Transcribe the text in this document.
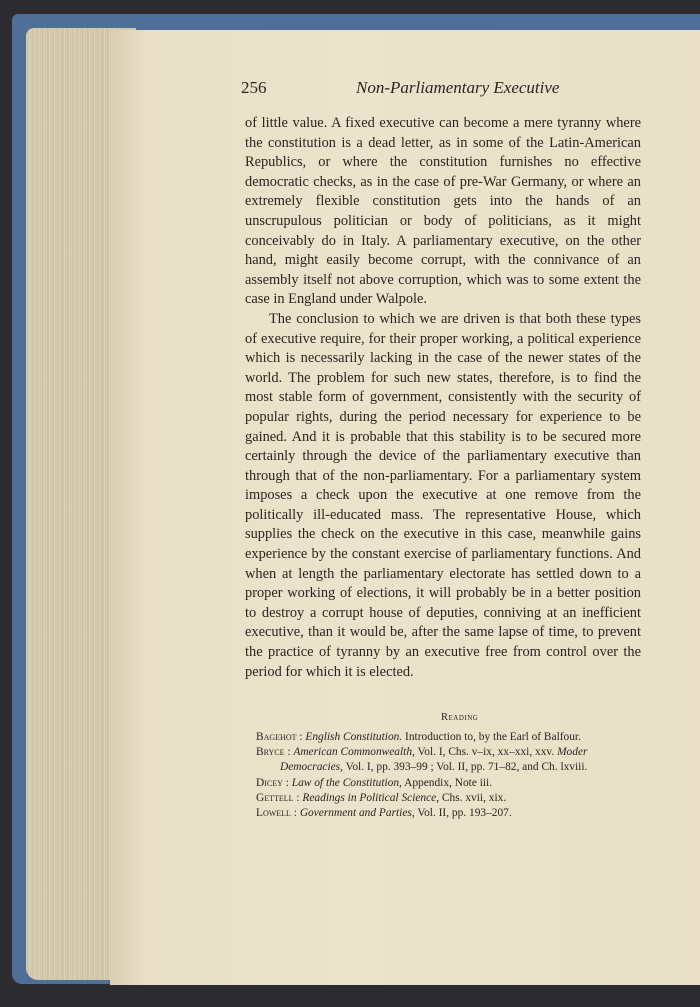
256	Non-Parliamentary Executive

of little value. A fixed executive can become a mere tyranny where the constitution is a dead letter, as in some of the Latin-American Republics, or where the constitution furnishes no effective democratic checks, as in the case of pre-War Germany, or where an extremely flexible constitution gets into the hands of an unscrupulous politician or body of politicians, as it might conceivably do in Italy. A parliamentary executive, on the other hand, might easily become corrupt, with the connivance of an assembly itself not above corruption, which was to some extent the case in England under Walpole.

The conclusion to which we are driven is that both these types of executive require, for their proper working, a political experience which is necessarily lacking in the case of the newer states of the world. The problem for such new states, therefore, is to find the most stable form of government, consistently with the security of popular rights, during the period necessary for experience to be gained. And it is probable that this stability is to be secured more certainly through the device of the parliamentary executive than through that of the non-parliamentary. For a parliamentary system imposes a check upon the executive at one remove from the politically ill-educated mass. The representative House, which supplies the check on the executive in this case, meanwhile gains experience by the constant exercise of parliamentary functions. And when at length the parliamentary electorate has settled down to a proper working of elections, it will probably be in a better position to destroy a corrupt house of deputies, conniving at an inefficient executive, than it would be, after the same lapse of time, to prevent the practice of tyranny by an executive free from control over the period for which it is elected.

Reading
Bagehot : English Constitution. Introduction to, by the Earl of Balfour.
Bryce : American Commonwealth, Vol. I, Chs. v–ix, xx–xxi, xxv. Moder
Democracies, Vol. I, pp. 393–99 ; Vol. II, pp. 71–82, and Ch. lxviii.
Dicey : Law of the Constitution, Appendix, Note iii.
Gettell : Readings in Political Science, Chs. xvii, xix.
Lowell : Government and Parties, Vol. II, pp. 193–207.
